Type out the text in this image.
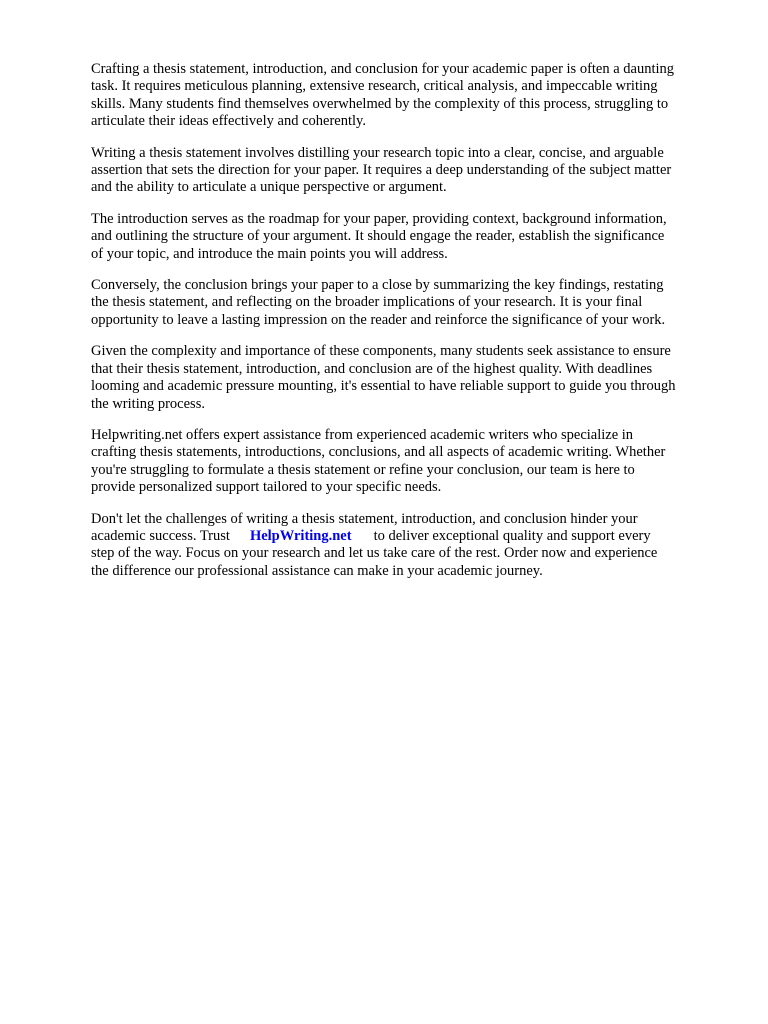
Crafting a thesis statement, introduction, and conclusion for your academic paper is often a daunting
task. It requires meticulous planning, extensive research, critical analysis, and impeccable writing
skills. Many students find themselves overwhelmed by the complexity of this process, struggling to
articulate their ideas effectively and coherently.

Writing a thesis statement involves distilling your research topic into a clear, concise, and arguable
assertion that sets the direction for your paper. It requires a deep understanding of the subject matter
and the ability to articulate a unique perspective or argument.

The introduction serves as the roadmap for your paper, providing context, background information,
and outlining the structure of your argument. It should engage the reader, establish the significance
of your topic, and introduce the main points you will address.

Conversely, the conclusion brings your paper to a close by summarizing the key findings, restating
the thesis statement, and reflecting on the broader implications of your research. It is your final
opportunity to leave a lasting impression on the reader and reinforce the significance of your work.

Given the complexity and importance of these components, many students seek assistance to ensure
that their thesis statement, introduction, and conclusion are of the highest quality. With deadlines
looming and academic pressure mounting, it's essential to have reliable support to guide you through
the writing process.

Helpwriting.net offers expert assistance from experienced academic writers who specialize in
crafting thesis statements, introductions, conclusions, and all aspects of academic writing. Whether
you're struggling to formulate a thesis statement or refine your conclusion, our team is here to
provide personalized support tailored to your specific needs.

Don't let the challenges of writing a thesis statement, introduction, and conclusion hinder your
academic success. Trust HelpWriting.net to deliver exceptional quality and support every
step of the way. Focus on your research and let us take care of the rest. Order now and experience
the difference our professional assistance can make in your academic journey.
